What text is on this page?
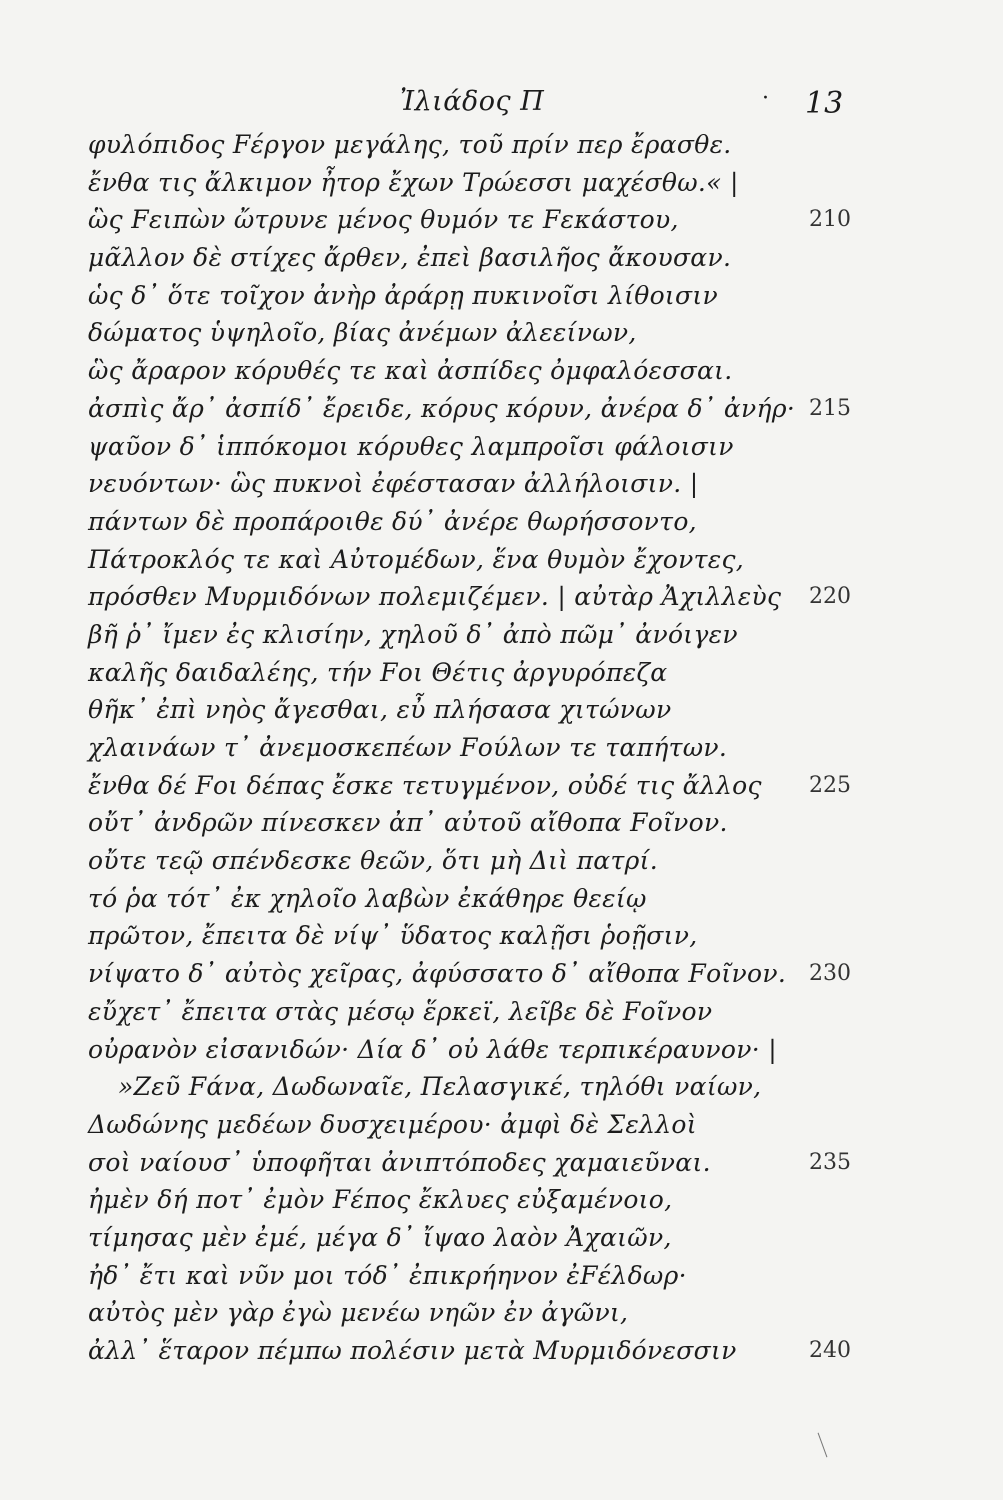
Ἰλιάδος Π	· 13
φυλόπιδος Fέργον μεγάλης, τοῦ πρίν περ ἔρασθε.
ἔνθα τις ἄλκιμον ἦτορ ἔχων Τρώεσσι μαχέσθω.« |
ὣς Fειπὼν ὤτρυνε μένος θυμόν τε Fεκάστου,	210
μᾶλλον δὲ στίχες ἄρθεν, ἐπεὶ βασιλῆος ἄκουσαν.
ὡς δ᾽ ὅτε τοῖχον ἀνὴρ ἀράρῃ πυκινοῖσι λίθοισιν
δώματος ὑψηλοῖο, βίας ἀνέμων ἀλεείνων,
ὣς ἄραρον κόρυθές τε καὶ ἀσπίδες ὀμφαλόεσσαι.
ἀσπὶς ἄρ᾽ ἀσπίδ᾽ ἔρειδε, κόρυς κόρυν, ἀνέρα δ᾽ ἀνήρ· 215
ψαῦον δ᾽ ἱππόκομοι κόρυθες λαμπροῖσι φάλοισιν
νευόντων· ὣς πυκνοὶ ἐφέστασαν ἀλλήλοισιν. |
πάντων δὲ προπάροιθε δύ᾽ ἀνέρε θωρήσσοντο,
Πάτροκλός τε καὶ Αὐτομέδων, ἕνα θυμὸν ἔχοντες,
πρόσθεν Μυρμιδόνων πολεμιζέμεν. | αὐτὰρ Ἀχιλλεὺς 220
βῆ ῥ᾽ ἴμεν ἐς κλισίην, χηλοῦ δ᾽ ἀπὸ πῶμ᾽ ἀνόιγεν
καλῆς δαιδαλέης, τήν Fοι Θέτις ἀργυρόπεζα
θῆκ᾽ ἐπὶ νηὸς ἄγεσθαι, εὖ πλήσασα χιτώνων
χλαινάων τ᾽ ἀνεμοσκεπέων Fούλων τε ταπήτων.
ἔνθα δέ Fοι δέπας ἔσκε τετυγμένον, οὐδέ τις ἄλλος 225
οὔτ᾽ ἀνδρῶν πίνεσκεν ἀπ᾽ αὐτοῦ αἴθοπα Fοῖνον.
οὔτε τεῷ σπένδεσκε θεῶν, ὅτι μὴ Διὶ πατρί.
τό ῥα τότ᾽ ἐκ χηλοῖο λαβὼν ἐκάθηρε θεείῳ
πρῶτον, ἔπειτα δὲ νίψ᾽ ὕδατος καλῇσι ῥοῇσιν,
νίψατο δ᾽ αὐτὸς χεῖρας, ἀφύσσατο δ᾽ αἴθοπα Fοῖνον. 230
εὔχετ᾽ ἔπειτα στὰς μέσῳ ἕρκεϊ, λεῖβε δὲ Fοῖνον
οὐρανὸν εἰσανιδών· Δία δ᾽ οὐ λάθε τερπικέραυνον· |
»Ζεῦ Fάνα, Δωδωναῖε, Πελασγικέ, τηλόθι ναίων,
Δωδώνης μεδέων δυσχειμέρου· ἀμφὶ δὲ Σελλοὶ
σοὶ ναίουσ᾽ ὑποφῆται ἀνιπτόποδες χαμαιεῦναι.	235
ἠμὲν δή ποτ᾽ ἐμὸν Fέπος ἔκλυες εὐξαμένοιο,
τίμησας μὲν ἐμέ, μέγα δ᾽ ἴψαο λαὸν Ἀχαιῶν,
ἠδ᾽ ἔτι καὶ νῦν μοι τόδ᾽ ἐπικρήηνον ἐFέλδωρ·
αὐτὸς μὲν γὰρ ἐγὼ μενέω νηῶν ἐν ἀγῶνι,
ἀλλ᾽ ἕταρον πέμπω πολέσιν μετὰ Μυρμιδόνεσσιν	240
